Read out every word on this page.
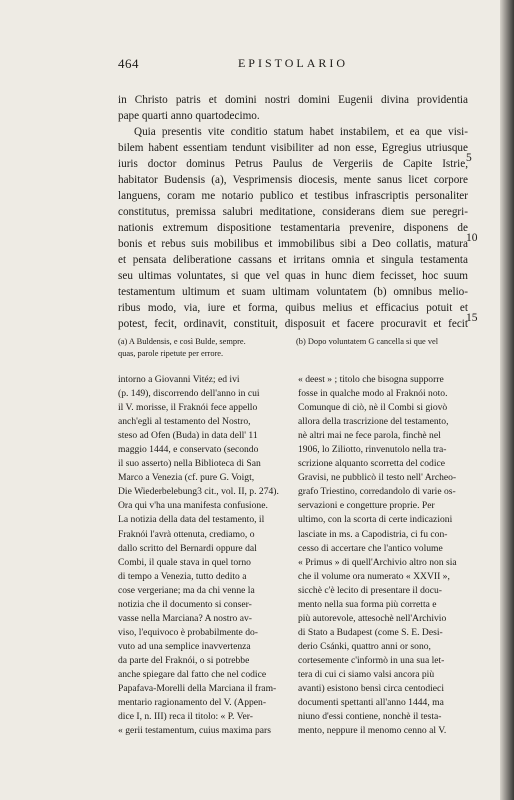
464	EPISTOLARIO
in Christo patris et domini nostri domini Eugenii divina providentia
pape quarti anno quartodecimo.
Quia presentis vite conditio statum habet instabilem, et ea que visi-
bilem habent essentiam tendunt visibiliter ad non esse, Egregius utriusque
iuris doctor dominus Petrus Paulus de Vergeriis de Capite Istrie,
habitator Budensis (a), Vesprimensis diocesis, mente sanus licet corpore
languens, coram me notario publico et testibus infrascriptis personaliter
constitutus, premissa salubri meditatione, considerans diem sue peregri-
nationis extremum dispositione testamentaria prevenire, disponens de
bonis et rebus suis mobilibus et immobilibus sibi a Deo collatis, matura
et pensata deliberatione cassans et irritans omnia et singula testamenta
seu ultimas voluntates, si que vel quas in hunc diem fecisset, hoc suum
testamentum ultimum et suam ultimam voluntatem (b) omnibus melio-
ribus modo, via, iure et forma, quibus melius et efficacius potuit et
potest, fecit, ordinavit, constituit, disposuit et facere procuravit et fecit
5
10
15
(a) A Buldensis, e così Bulde, sempre.
quas, parole ripetute per errore.
(b) Dopo voluntatem G cancella si que vel
intorno a Giovanni Vitéz; ed ivi
(p. 149), discorrendo dell'anno in cui
il V. morisse, il Fraknói fece appello
anch'egli al testamento del Nostro,
steso ad Ofen (Buda) in data dell' 11
maggio 1444, e conservato (secondo
il suo asserto) nella Biblioteca di San
Marco a Venezia (cf. pure G. Voigt,
Die Wiederbelebung3 cit., vol. II, p. 274).
Ora qui v'ha una manifesta confusione.
La notizia della data del testamento, il
Fraknói l'avrà ottenuta, crediamo, o
dallo scritto del Bernardi oppure dal
Combi, il quale stava in quel torno
di tempo a Venezia, tutto dedito a
cose vergeriane; ma da chi venne la
notizia che il documento si conser-
vasse nella Marciana? A nostro av-
viso, l'equivoco è probabilmente do-
vuto ad una semplice inavvertenza
da parte del Fraknói, o si potrebbe
anche spiegare dal fatto che nel codice
Papafava-Morelli della Marciana il fram-
mentario ragionamento del V. (Appen-
dice I, n. III) reca il titolo: « P. Ver-
« gerii testamentum, cuius maxima pars
« deest » ; titolo che bisogna supporre
fosse in qualche modo al Fraknói noto.
Comunque di ciò, nè il Combi si giovò
allora della trascrizione del testamento,
nè altri mai ne fece parola, finchè nel
1906, lo Ziliotto, rinvenutolo nella tra-
scrizione alquanto scorretta del codice
Gravisi, ne pubblicò il testo nell' Archeo-
grafo Triestino, corredandolo di varie os-
servazioni e congetture proprie. Per
ultimo, con la scorta di certe indicazioni
lasciate in ms. a Capodistria, ci fu con-
cesso di accertare che l'antico volume
« Primus » di quell'Archivio altro non sia
che il volume ora numerato « XXVII »,
sicchè c'è lecito di presentare il docu-
mento nella sua forma più corretta e
più autorevole, attesochè nell'Archivio
di Stato a Budapest (come S. E. Desi-
derio Csánki, quattro anni or sono,
cortesemente c'informò in una sua let-
tera di cui ci siamo valsi ancora più
avanti) esistono bensì circa centodieci
documenti spettanti all'anno 1444, ma
niuno d'essi contiene, nonchè il testa-
mento, neppure il menomo cenno al V.
